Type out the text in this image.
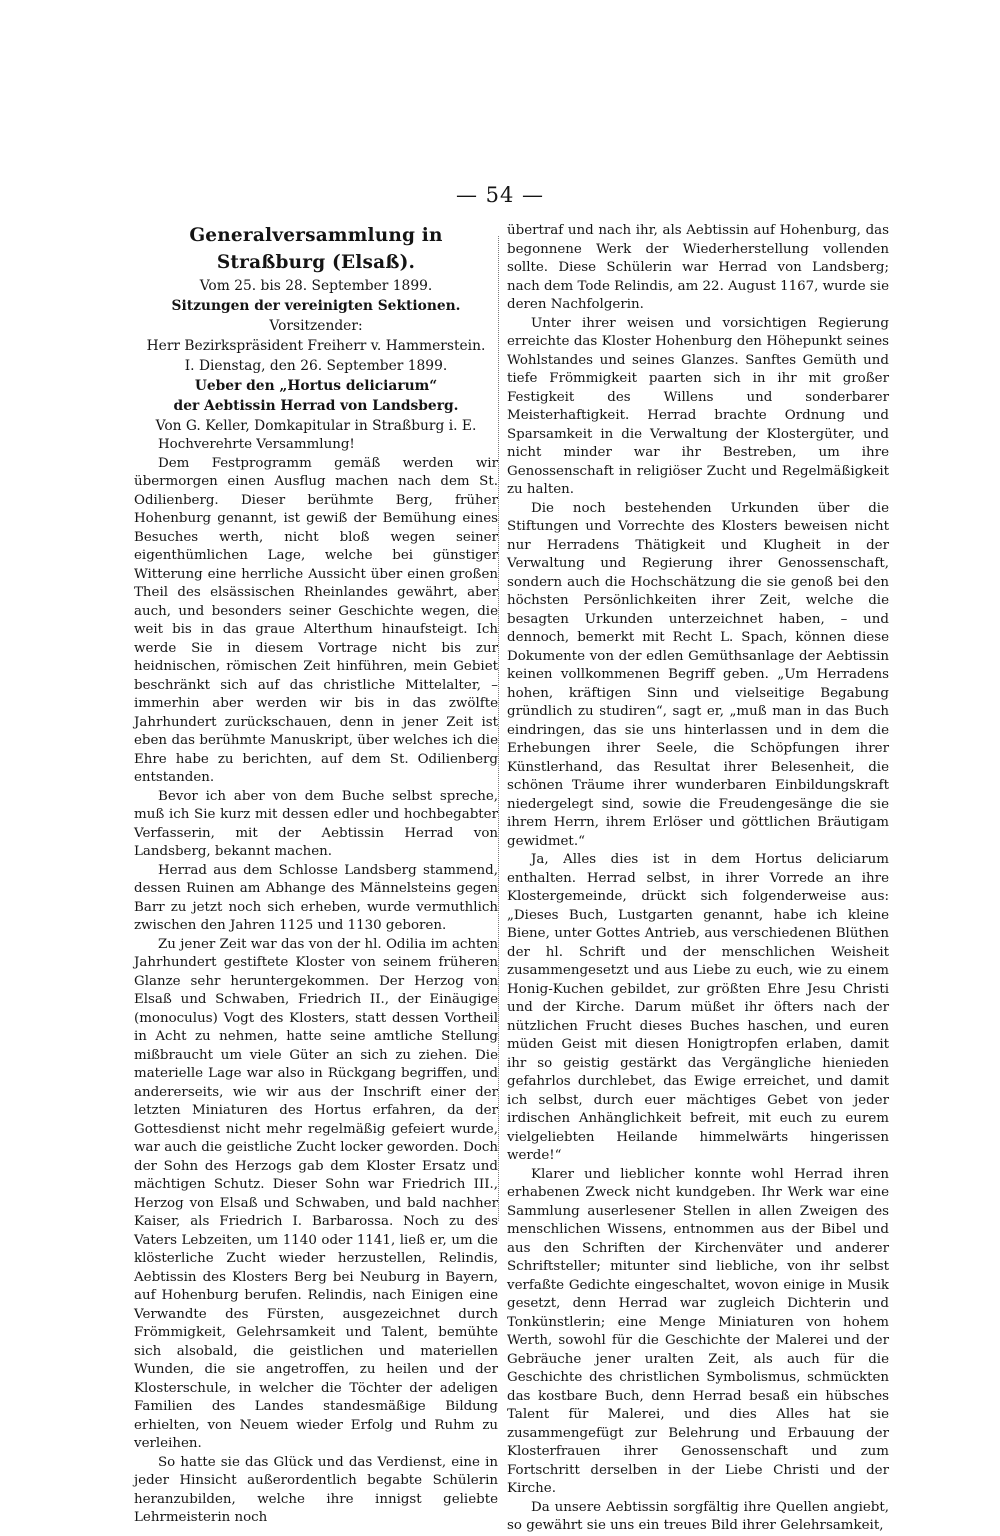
— 54 —

Generalversammlung in Straßburg (Elsaß).

Vom 25. bis 28. September 1899.

Sitzungen der vereinigten Sektionen.

Vorsitzender:

Herr Bezirkspräsident Freiherr v. Hammerstein.

I. Dienstag, den 26. September 1899.

Ueber den „Hortus deliciarum“

der Aebtissin Herrad von Landsberg.

Von G. Keller, Domkapitular in Straßburg i. E.

Hochverehrte Versammlung!

Dem Festprogramm gemäß werden wir übermorgen einen Ausflug machen nach dem St. Odilienberg. Dieser berühmte Berg, früher Hohenburg genannt, ist gewiß der Bemühung eines Besuches werth, nicht bloß wegen seiner eigenthümlichen Lage, welche bei günstiger Witterung eine herrliche Aussicht über einen großen Theil des elsässischen Rheinlandes gewährt, aber auch, und besonders seiner Geschichte wegen, die weit bis in das graue Alterthum hinaufsteigt. Ich werde Sie in diesem Vortrage nicht bis zur heidnischen, römischen Zeit hinführen, mein Gebiet beschränkt sich auf das christliche Mittelalter, – immerhin aber werden wir bis in das zwölfte Jahrhundert zurückschauen, denn in jener Zeit ist eben das berühmte Manuskript, über welches ich die Ehre habe zu berichten, auf dem St. Odilienberg entstanden.

Bevor ich aber von dem Buche selbst spreche, muß ich Sie kurz mit dessen edler und hochbegabter Verfasserin, mit der Aebtissin Herrad von Landsberg, bekannt machen.

Herrad aus dem Schlosse Landsberg stammend, dessen Ruinen am Abhange des Männelsteins gegen Barr zu jetzt noch sich erheben, wurde vermuthlich zwischen den Jahren 1125 und 1130 geboren.

Zu jener Zeit war das von der hl. Odilia im achten Jahrhundert gestiftete Kloster von seinem früheren Glanze sehr heruntergekommen. Der Herzog von Elsaß und Schwaben, Friedrich II., der Einäugige (monoculus) Vogt des Klosters, statt dessen Vortheil in Acht zu nehmen, hatte seine amtliche Stellung mißbraucht um viele Güter an sich zu ziehen. Die materielle Lage war also in Rückgang begriffen, und andererseits, wie wir aus der Inschrift einer der letzten Miniaturen des Hortus erfahren, da der Gottesdienst nicht mehr regelmäßig gefeiert wurde, war auch die geistliche Zucht locker geworden. Doch der Sohn des Herzogs gab dem Kloster Ersatz und mächtigen Schutz. Dieser Sohn war Friedrich III., Herzog von Elsaß und Schwaben, und bald nachher Kaiser, als Friedrich I. Barbarossa. Noch zu des Vaters Lebzeiten, um 1140 oder 1141, ließ er, um die klösterliche Zucht wieder herzustellen, Relindis, Aebtissin des Klosters Berg bei Neuburg in Bayern, auf Hohenburg berufen. Relindis, nach Einigen eine Verwandte des Fürsten, ausgezeichnet durch Frömmigkeit, Gelehrsamkeit und Talent, bemühte sich alsobald, die geistlichen und materiellen Wunden, die sie angetroffen, zu heilen und der Klosterschule, in welcher die Töchter der adeligen Familien des Landes standesmäßige Bildung erhielten, von Neuem wieder Erfolg und Ruhm zu verleihen.

So hatte sie das Glück und das Verdienst, eine in jeder Hinsicht außerordentlich begabte Schülerin heranzubilden, welche ihre innigst geliebte Lehrmeisterin noch

übertraf und nach ihr, als Aebtissin auf Hohenburg, das begonnene Werk der Wiederherstellung vollenden sollte. Diese Schülerin war Herrad von Landsberg; nach dem Tode Relindis, am 22. August 1167, wurde sie deren Nachfolgerin.

Unter ihrer weisen und vorsichtigen Regierung erreichte das Kloster Hohenburg den Höhepunkt seines Wohlstandes und seines Glanzes. Sanftes Gemüth und tiefe Frömmigkeit paarten sich in ihr mit großer Festigkeit des Willens und sonderbarer Meisterhaftigkeit. Herrad brachte Ordnung und Sparsamkeit in die Verwaltung der Klostergüter, und nicht minder war ihr Bestreben, um ihre Genossenschaft in religiöser Zucht und Regelmäßigkeit zu halten.

Die noch bestehenden Urkunden über die Stiftungen und Vorrechte des Klosters beweisen nicht nur Herradens Thätigkeit und Klugheit in der Verwaltung und Regierung ihrer Genossenschaft, sondern auch die Hochschätzung die sie genoß bei den höchsten Persönlichkeiten ihrer Zeit, welche die besagten Urkunden unterzeichnet haben, – und dennoch, bemerkt mit Recht L. Spach, können diese Dokumente von der edlen Gemüthsanlage der Aebtissin keinen vollkommenen Begriff geben. „Um Herradens hohen, kräftigen Sinn und vielseitige Begabung gründlich zu studiren“, sagt er, „muß man in das Buch eindringen, das sie uns hinterlassen und in dem die Erhebungen ihrer Seele, die Schöpfungen ihrer Künstlerhand, das Resultat ihrer Belesenheit, die schönen Träume ihrer wunderbaren Einbildungskraft niedergelegt sind, sowie die Freudengesänge die sie ihrem Herrn, ihrem Erlöser und göttlichen Bräutigam gewidmet.“

Ja, Alles dies ist in dem Hortus deliciarum enthalten. Herrad selbst, in ihrer Vorrede an ihre Klostergemeinde, drückt sich folgenderweise aus: „Dieses Buch, Lustgarten genannt, habe ich kleine Biene, unter Gottes Antrieb, aus verschiedenen Blüthen der hl. Schrift und der menschlichen Weisheit zusammengesetzt und aus Liebe zu euch, wie zu einem Honig-Kuchen gebildet, zur größten Ehre Jesu Christi und der Kirche. Darum müßet ihr öfters nach der nützlichen Frucht dieses Buches haschen, und euren müden Geist mit diesen Honigtropfen erlaben, damit ihr so geistig gestärkt das Vergängliche hienieden gefahrlos durchlebet, das Ewige erreichet, und damit ich selbst, durch euer mächtiges Gebet von jeder irdischen Anhänglichkeit befreit, mit euch zu eurem vielgeliebten Heilande himmelwärts hingerissen werde!“

Klarer und lieblicher konnte wohl Herrad ihren erhabenen Zweck nicht kundgeben. Ihr Werk war eine Sammlung auserlesener Stellen in allen Zweigen des menschlichen Wissens, entnommen aus der Bibel und aus den Schriften der Kirchenväter und anderer Schriftsteller; mitunter sind liebliche, von ihr selbst verfaßte Gedichte eingeschaltet, wovon einige in Musik gesetzt, denn Herrad war zugleich Dichterin und Tonkünstlerin; eine Menge Miniaturen von hohem Werth, sowohl für die Geschichte der Malerei und der Gebräuche jener uralten Zeit, als auch für die Geschichte des christlichen Symbolismus, schmückten das kostbare Buch, denn Herrad besaß ein hübsches Talent für Malerei, und dies Alles hat sie zusammengefügt zur Belehrung und Erbauung der Klosterfrauen ihrer Genossenschaft und zum Fortschritt derselben in der Liebe Christi und der Kirche.

Da unsere Aebtissin sorgfältig ihre Quellen angiebt, so gewährt sie uns ein treues Bild ihrer Gelehrsamkeit,
